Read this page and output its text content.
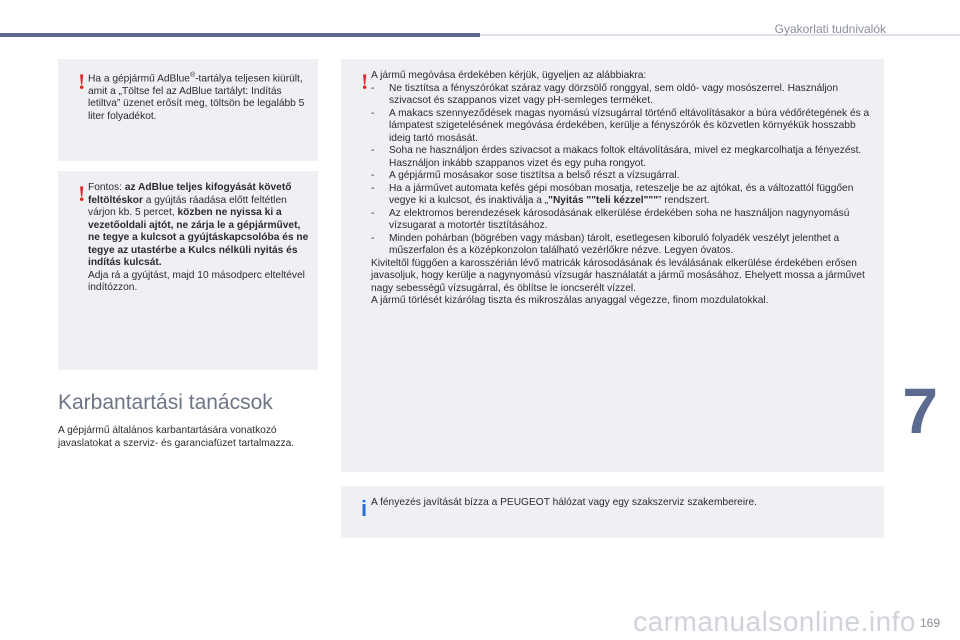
Gyakorlati tudnivalók
! Ha a gépjármű AdBlue®-tartálya teljesen kiürült, amit a „Töltse fel az AdBlue tartályt: Indítás letiltva” üzenet erősít meg, töltsön be legalább 5 liter folyadékot.

! Fontos: az AdBlue teljes kifogyását követő feltöltéskor a gyújtás ráadása előtt feltétlen várjon kb. 5 percet, közben ne nyissa ki a vezetőoldali ajtót, ne zárja le a gépjárművet, ne tegye a kulcsot a gyújtáskapcsolóba és ne tegye az utastérbe a Kulcs nélküli nyitás és indítás kulcsát.

Adja rá a gyújtást, majd 10 másodperc elteltével indítózzon.

Karbantartási tanácsok
A gépjármű általános karbantartására vonatkozó javaslatokat a szerviz- és garanciafüzet tartalmazza.
! A jármű megóvása érdekében kérjük, ügyeljen az alábbiakra:

- Ne tisztítsa a fényszórókat száraz vagy dörzsölő ronggyal, sem oldó- vagy mosószerrel. Használjon szivacsot és szappanos vizet vagy pH-semleges terméket.
- A makacs szennyeződések magas nyomású vízsugárral történő eltávolításakor a búra védőrétegének és a lámpatest szigetelésének megóvása érdekében, kerülje a fényszórók és közvetlen környékük hosszabb ideig tartó mosását.
- Soha ne használjon érdes szivacsot a makacs foltok eltávolítására, mivel ez megkarcolhatja a fényezést. Használjon inkább szappanos vizet és egy puha rongyot.
- A gépjármű mosásakor sose tisztítsa a belső részt a vízsugárral.
- Ha a járművet automata kefés gépi mosóban mosatja, reteszelje be az ajtókat, és a változattól függően vegye ki a kulcsot, és inaktiválja a „"Nyitás ""teli kézzel"""” rendszert.
- Az elektromos berendezések károsodásának elkerülése érdekében soha ne használjon nagynyomású vízsugarat a motortér tisztításához.
- Minden pohárban (bögrében vagy másban) tárolt, esetlegesen kiboruló folyadék veszélyt jelenthet a műszerfalon és a középkonzolon található vezérlőkre nézve. Legyen óvatos.

Kiviteltől függően a karosszérián lévő matricák károsodásának és leválásának elkerülése érdekében erősen javasoljuk, hogy kerülje a nagynyomású vízsugár használatát a jármű mosásához. Ehelyett mossa a járművet nagy sebességű vízsugárral, és öblítse le ioncserélt vízzel.

A jármű törlését kizárólag tiszta és mikroszálas anyaggal végezze, finom mozdulatokkal.

i A fényezés javítását bízza a PEUGEOT hálózat vagy egy szakszerviz szakembereire.
7
carmanualsonline.info 169
